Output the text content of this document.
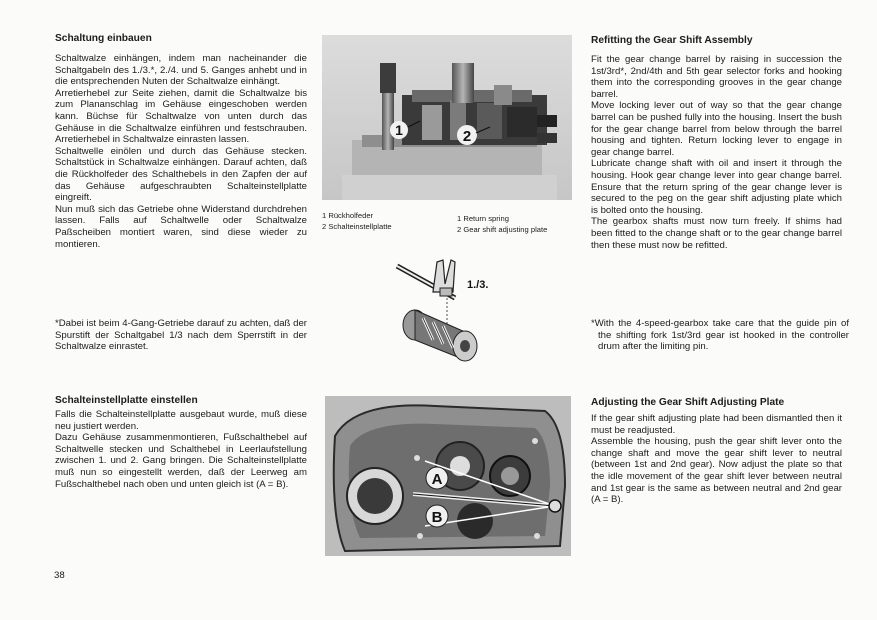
Schaltung einbauen

Schaltwalze einhängen, indem man nacheinander die Schaltgabeln des 1./3.*, 2./4. und 5. Ganges anhebt und in die entsprechenden Nuten der Schaltwalze einhängt.

Arretierhebel zur Seite ziehen, damit die Schaltwalze bis zum Plananschlag im Gehäuse eingeschoben werden kann. Büchse für Schaltwalze von unten durch das Gehäuse in die Schaltwalze einführen und festschrauben. Arretierhebel in Schaltwalze einrasten lassen.

Schaltwelle einölen und durch das Gehäuse stecken. Schaltstück in Schaltwalze einhängen. Darauf achten, daß die Rückholfeder des Schalthebels in den Zapfen der auf das Gehäuse aufgeschraubten Schalteinstellplatte eingreift.

Nun muß sich das Getriebe ohne Widerstand durchdrehen lassen. Falls auf Schaltwelle oder Schaltwalze Paßscheiben montiert waren, sind diese wieder zu montieren.

*Dabei ist beim 4-Gang-Getriebe darauf zu achten, daß der Spurstift der Schaltgabel 1/3 nach dem Sperrstift in der Schaltwalze einrastet.
Schalteinstellplatte einstellen

Falls die Schalteinstellplatte ausgebaut wurde, muß diese neu justiert werden.

Dazu Gehäuse zusammenmontieren, Fußschalthebel auf Schaltwelle stecken und Schalthebel in Leerlaufstellung zwischen 1. und 2. Gang bringen. Die Schalteinstellplatte muß nun so eingestellt werden, daß der Leerweg am Fußschalthebel nach oben und unten gleich ist (A = B).

38
1	2
1 Rückholfeder
2 Schalteinstellplatte
1 Return spring
2 Gear shift adjusting plate
1./3.
A
B
Refitting the Gear Shift Assembly

Fit the gear change barrel by raising in succession the 1st/3rd*, 2nd/4th and 5th gear selector forks and hooking them into the corresponding grooves in the gear change barrel.

Move locking lever out of way so that the gear change barrel can be pushed fully into the housing. Insert the bush for the gear change barrel from below through the barrel housing and tighten. Return locking lever to engage in gear change barrel.

Lubricate change shaft with oil and insert it through the housing. Hook gear change lever into gear change barrel. Ensure that the return spring of the gear change lever is secured to the peg on the gear shift adjusting plate which is bolted onto the housing.

The gearbox shafts must now turn freely. If shims had been fitted to the change shaft or to the gear change barrel then these must now be refitted.

*With the 4-speed-gearbox take care that the guide pin of the shifting fork 1st/3rd gear ist hooked in the controller drum after the limiting pin.
Adjusting the Gear Shift Adjusting Plate

If the gear shift adjusting plate had been dismantled then it must be readjusted.

Assemble the housing, push the gear shift lever onto the change shaft and move the gear shift lever to neutral (between 1st and 2nd gear). Now adjust the plate so that the idle movement of the gear shift lever between neutral and 1st gear is the same as between neutral and 2nd gear (A = B).
